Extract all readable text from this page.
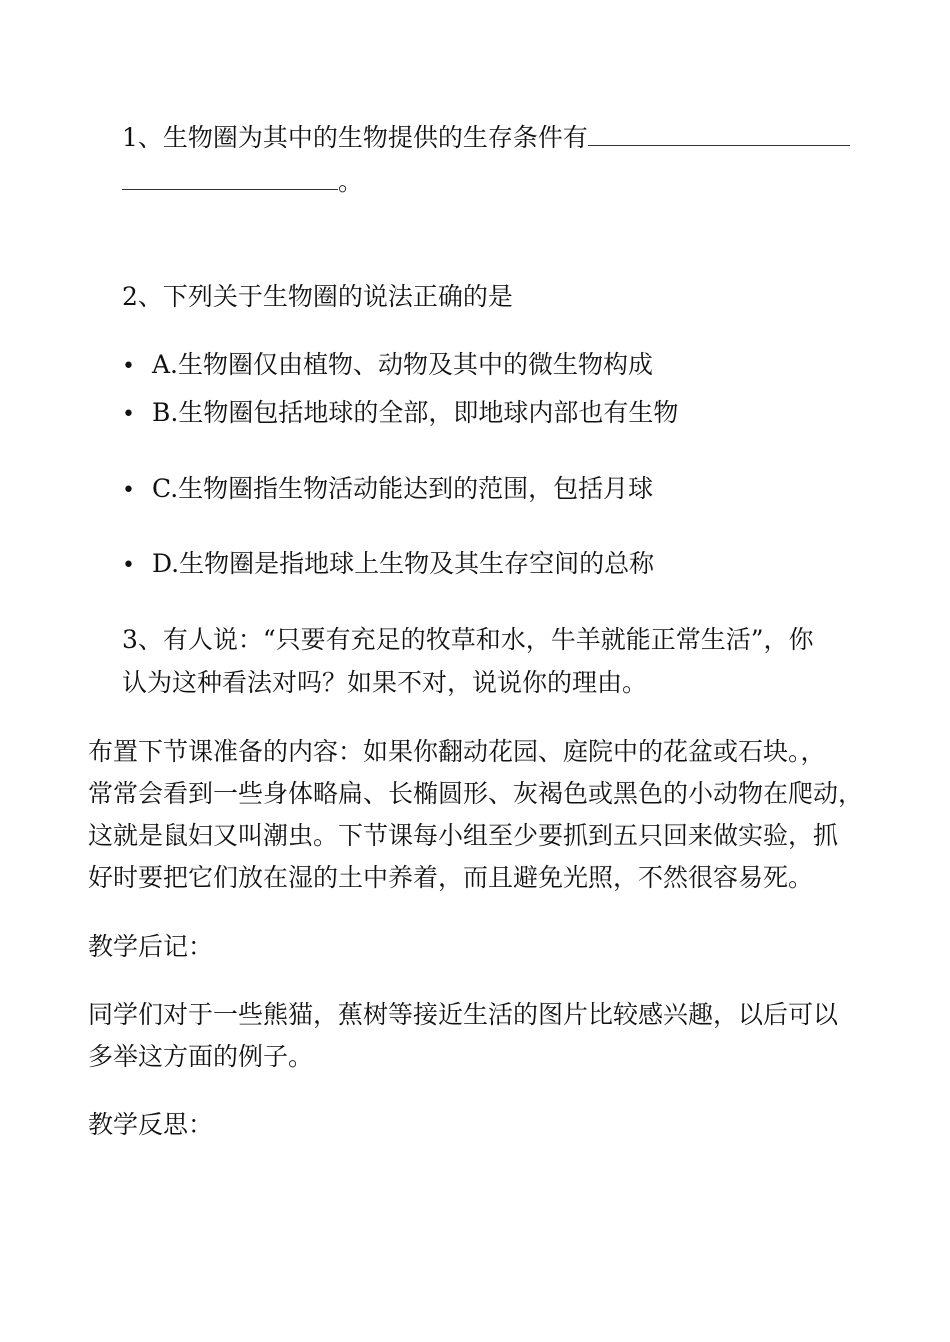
1、生物圈为其中的生物提供的生存条件有
。
2、下列关于生物圈的说法正确的是
• A.生物圈仅由植物、动物及其中的微生物构成
• B.生物圈包括地球的全部，即地球内部也有生物
• C.生物圈指生物活动能达到的范围，包括月球
• D.生物圈是指地球上生物及其生存空间的总称
3、有人说：“只要有充足的牧草和水，牛羊就能正常生活”，你
认为这种看法对吗？如果不对，说说你的理由。
布置下节课准备的内容：如果你翻动花园、庭院中的花盆或石块。，
常常会看到一些身体略扁、长椭圆形、灰褐色或黑色的小动物在爬动，
这就是鼠妇又叫潮虫。下节课每小组至少要抓到五只回来做实验，抓
好时要把它们放在湿的土中养着，而且避免光照，不然很容易死。
教学后记：
同学们对于一些熊猫，蕉树等接近生活的图片比较感兴趣，以后可以
多举这方面的例子。
教学反思：
